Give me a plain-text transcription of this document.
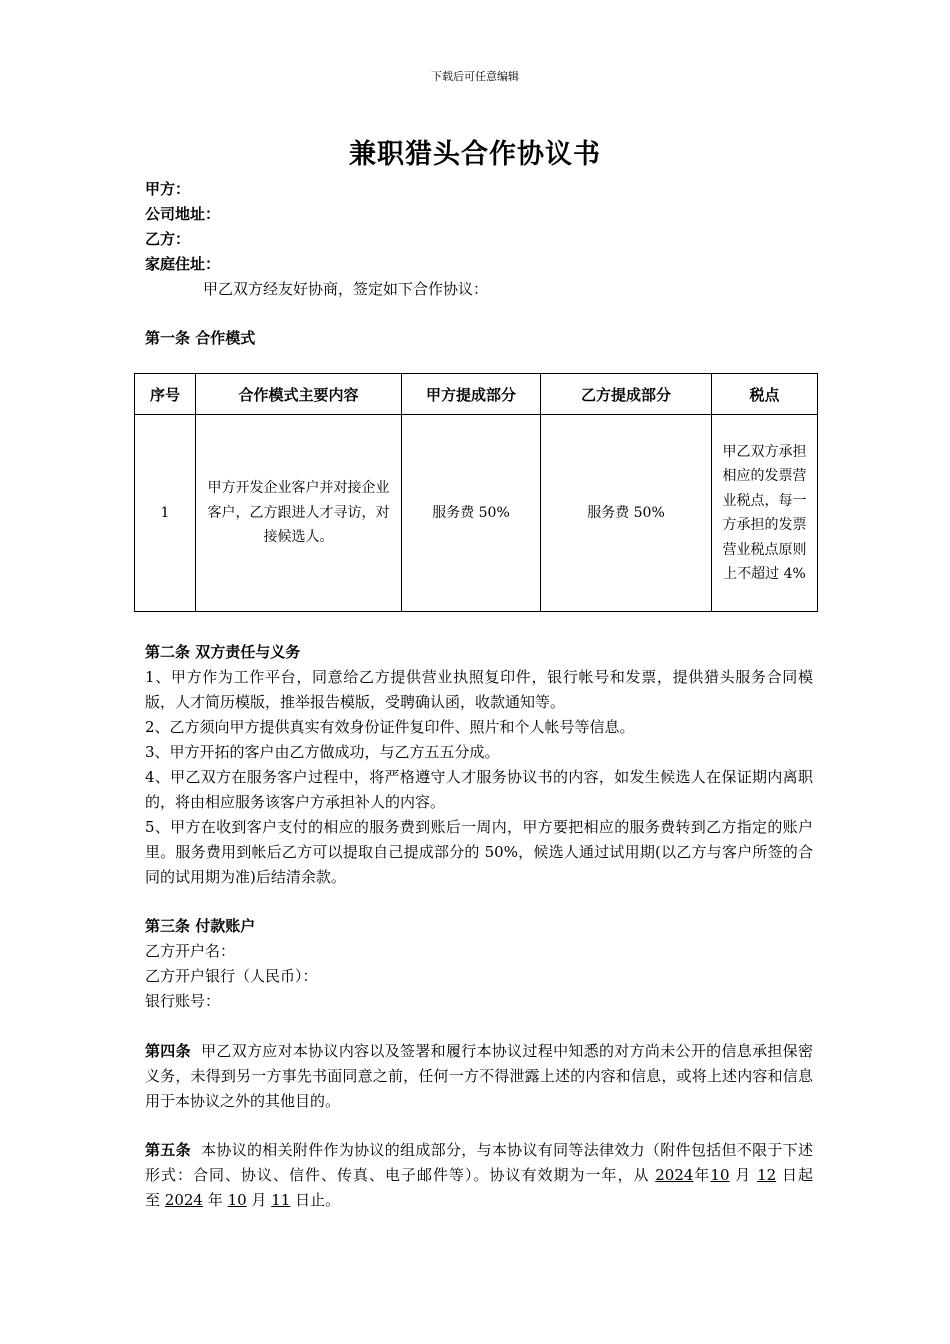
下载后可任意编辑
兼职猎头合作协议书
甲方：
公司地址：
乙方：
家庭住址：
甲乙双方经友好协商，签定如下合作协议：
第一条 合作模式
序号	合作模式主要内容	甲方提成部分	乙方提成部分	税点
1	甲方开发企业客户并对接企业客户，乙方跟进人才寻访，对接候选人。	服务费 50%	服务费 50%	甲乙双方承担相应的发票营业税点，每一方承担的发票营业税点原则上不超过 4%
第二条 双方责任与义务
1、甲方作为工作平台，同意给乙方提供营业执照复印件，银行帐号和发票，提供猎头服务合同模版，人才简历模版，推举报告模版，受聘确认函，收款通知等。
2、乙方须向甲方提供真实有效身份证件复印件、照片和个人帐号等信息。
3、甲方开拓的客户由乙方做成功，与乙方五五分成。
4、甲乙双方在服务客户过程中，将严格遵守人才服务协议书的内容，如发生候选人在保证期内离职的，将由相应服务该客户方承担补人的内容。
5、甲方在收到客户支付的相应的服务费到账后一周内，甲方要把相应的服务费转到乙方指定的账户里。服务费用到帐后乙方可以提取自己提成部分的 50%，候选人通过试用期(以乙方与客户所签的合同的试用期为准)后结清余款。
第三条 付款账户
乙方开户名：
乙方开户银行（人民币）：
银行账号：
第四条 甲乙双方应对本协议内容以及签署和履行本协议过程中知悉的对方尚未公开的信息承担保密义务，未得到另一方事先书面同意之前，任何一方不得泄露上述的内容和信息，或将上述内容和信息用于本协议之外的其他目的。
第五条 本协议的相关附件作为协议的组成部分，与本协议有同等法律效力（附件包括但不限于下述形式：合同、协议、信件、传真、电子邮件等）。协议有效期为一年，从 2024年10 月 12 日起至 2024 年 10 月 11 日止。
